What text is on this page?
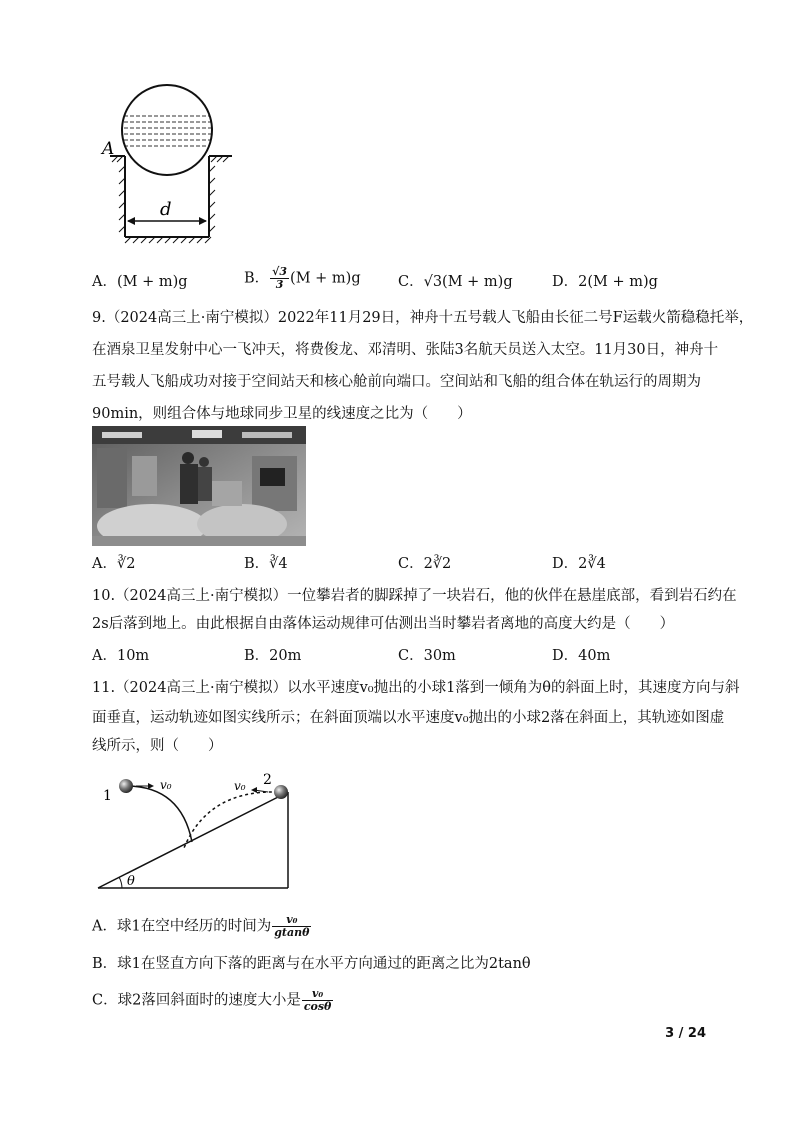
A
d
A．(M + m)g	B． $\frac{√3}{3} (M + m)g$	C．√3(M + m)g	D．2(M + m)g
9.（2024高三上·南宁模拟）2022年11月29日，神舟十五号载人飞船由长征二号F运载火箭稳稳托举，
在酒泉卫星发射中心一飞冲天，将费俊龙、邓清明、张陆3名航天员送入太空。11月30日，神舟十
五号载人飞船成功对接于空间站天和核心舱前向端口。空间站和飞船的组合体在轨运行的周期为
90min，则组合体与地球同步卫星的线速度之比为（　　）
A．∛2	B．∛4	C．2∛2	D．2∛4
10.（2024高三上·南宁模拟）一位攀岩者的脚踩掉了一块岩石，他的伙伴在悬崖底部，看到岩石约在
2s后落到地上。由此根据自由落体运动规律可估测出当时攀岩者离地的高度大约是（　　）
A．10m	B．20m	C．30m	D．40m
11.（2024高三上·南宁模拟）以水平速度v₀抛出的小球1落到一倾角为θ的斜面上时，其速度方向与斜
面垂直，运动轨迹如图实线所示；在斜面顶端以水平速度v₀抛出的小球2落在斜面上，其轨迹如图虚
线所示，则（　　）
1
2
v₀	v₀
θ
A．球1在空中经历的时间为 $\frac{\text{v₀}}{gtan\theta}$
B．球1在竖直方向下落的距离与在水平方向通过的距离之比为2tanθ
C．球2落回斜面时的速度大小是 $\frac{\text{v₀}}{\cos\theta}$
3 / 24
